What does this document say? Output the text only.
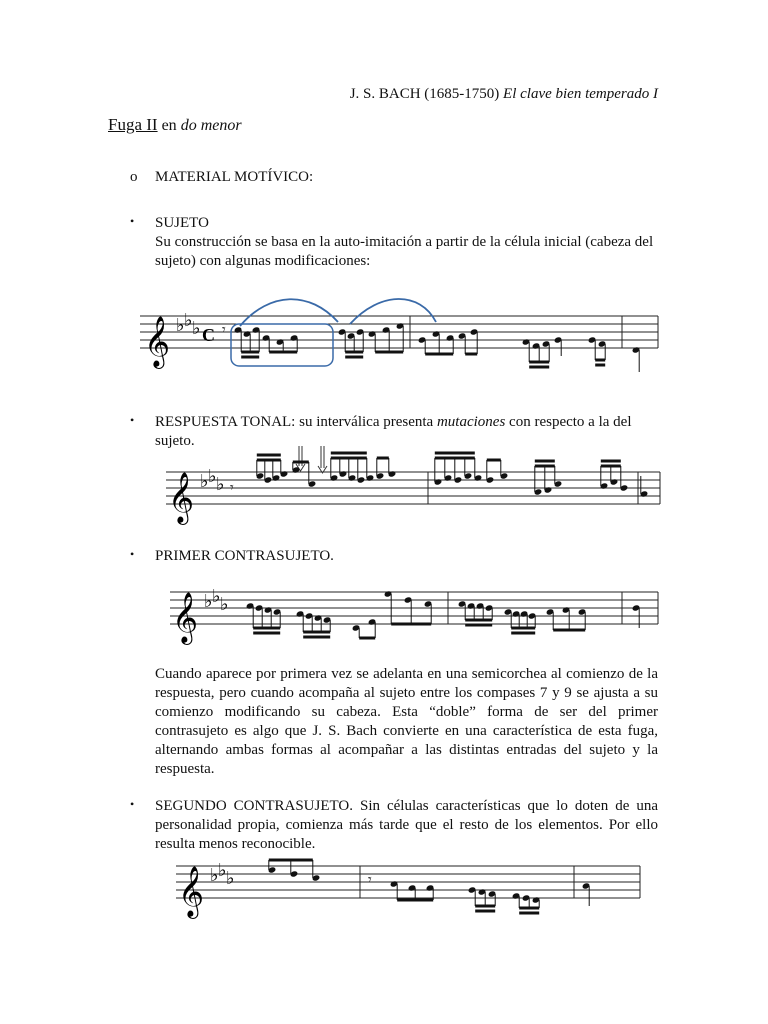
J. S. BACH (1685-1750) El clave bien temperado I
Fuga II en do menor
o MATERIAL MOTÍVICO:
• SUJETO
Su construcción se basa en la auto-imitación a partir de la célula inicial (cabeza del sujeto) con algunas modificaciones:
𝄞 ♭ ♭ ♭ C 𝄾
• RESPUESTA TONAL: su interválica presenta mutaciones con respecto a la del sujeto.
𝄞 ♭ ♭ ♭ 𝄾
• PRIMER CONTRASUJETO.
𝄞 ♭ ♭ ♭
Cuando aparece por primera vez se adelanta en una semicorchea al comienzo de la respuesta, pero cuando acompaña al sujeto entre los compases 7 y 9 se ajusta a su comienzo modificando su cabeza. Esta “doble” forma de ser del primer contrasujeto es algo que J. S. Bach convierte en una característica de esta fuga, alternando ambas formas al acompañar a las distintas entradas del sujeto y la respuesta.
• SEGUNDO CONTRASUJETO. Sin células características que lo doten de una personalidad propia, comienza más tarde que el resto de los elementos. Por ello resulta menos reconocible.
𝄞 ♭ ♭ ♭	𝄾
